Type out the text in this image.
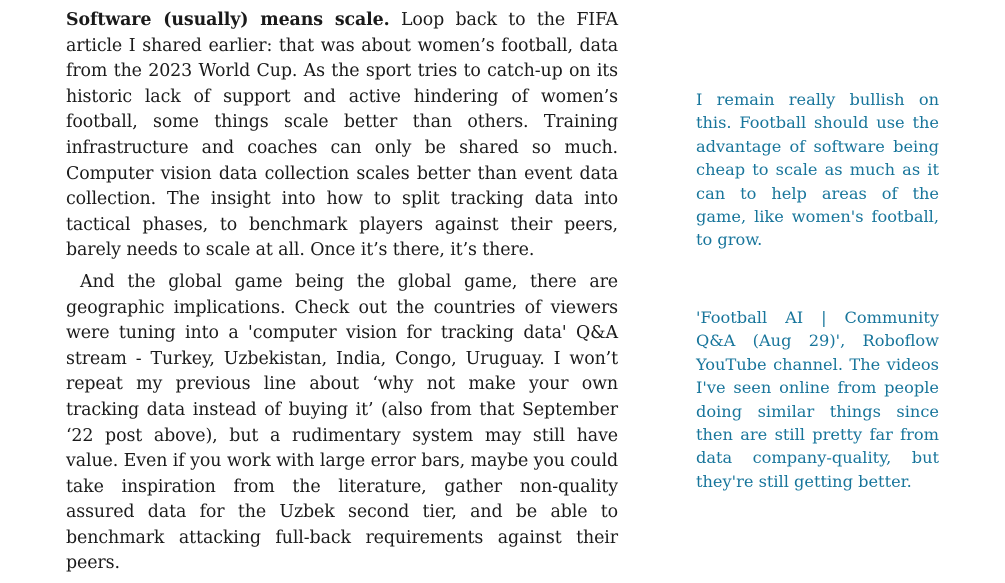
Software (usually) means scale. Loop back to the FIFA article I shared earlier: that was about women’s football, data from the 2023 World Cup. As the sport tries to catch-up on its historic lack of support and active hindering of women’s football, some things scale better than others. Training infrastructure and coaches can only be shared so much. Computer vision data collection scales better than event data collection. The insight into how to split tracking data into tactical phases, to benchmark players against their peers, barely needs to scale at all. Once it’s there, it’s there.

And the global game being the global game, there are geographic implications. Check out the countries of viewers were tuning into a 'computer vision for tracking data' Q&A stream - Turkey, Uzbekistan, India, Congo, Uruguay. I won’t repeat my previous line about ‘why not make your own tracking data instead of buying it’ (also from that September ‘22 post above), but a rudimentary system may still have value. Even if you work with large error bars, maybe you could take inspiration from the literature, gather non-quality assured data for the Uzbek second tier, and be able to benchmark attacking full-back requirements against their peers.

I remain really bullish on this. Football should use the advantage of software being cheap to scale as much as it can to help areas of the game, like women's football, to grow.

'Football AI | Community Q&A (Aug 29)', Roboflow YouTube channel. The videos I've seen online from people doing similar things since then are still pretty far from data company-quality, but they're still getting better.
